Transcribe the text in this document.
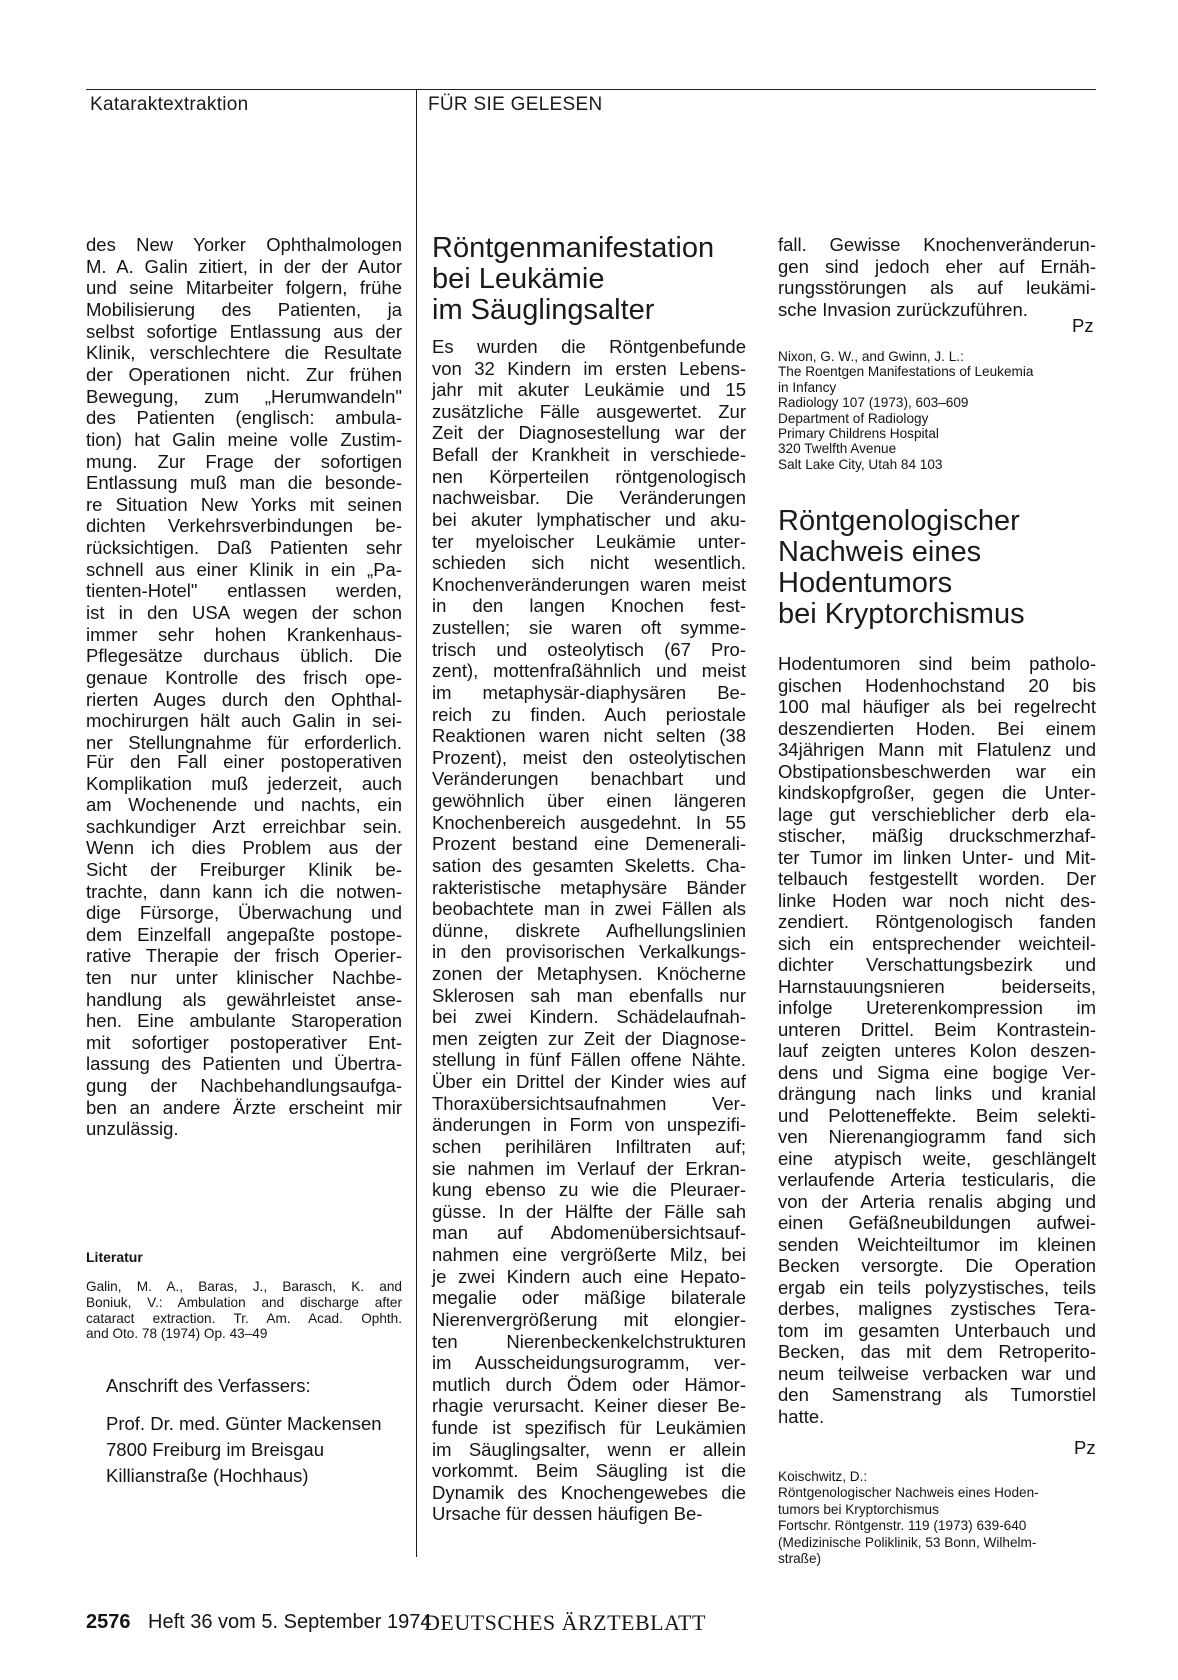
Kataraktextraktion	FÜR SIE GELESEN
des New Yorker Ophthalmologen
M. A. Galin zitiert, in der der Autor
und seine Mitarbeiter folgern, frühe
Mobilisierung des Patienten, ja
selbst sofortige Entlassung aus der
Klinik, verschlechtere die Resultate
der Operationen nicht. Zur frühen
Bewegung, zum „Herumwandeln"
des Patienten (englisch: ambula-
tion) hat Galin meine volle Zustim-
mung. Zur Frage der sofortigen
Entlassung muß man die besonde-
re Situation New Yorks mit seinen
dichten Verkehrsverbindungen be-
rücksichtigen. Daß Patienten sehr
schnell aus einer Klinik in ein „Pa-
tienten-Hotel" entlassen werden,
ist in den USA wegen der schon
immer sehr hohen Krankenhaus-
Pflegesätze durchaus üblich. Die
genaue Kontrolle des frisch ope-
rierten Auges durch den Ophthal-
mochirurgen hält auch Galin in sei-
ner Stellungnahme für erforderlich.
Für den Fall einer postoperativen
Komplikation muß jederzeit, auch
am Wochenende und nachts, ein
sachkundiger Arzt erreichbar sein.
Wenn ich dies Problem aus der
Sicht der Freiburger Klinik be-
trachte, dann kann ich die notwen-
dige Fürsorge, Überwachung und
dem Einzelfall angepaßte postope-
rative Therapie der frisch Operier-
ten nur unter klinischer Nachbe-
handlung als gewährleistet anse-
hen. Eine ambulante Staroperation
mit sofortiger postoperativer Ent-
lassung des Patienten und Übertra-
gung der Nachbehandlungsaufga-
ben an andere Ärzte erscheint mir
unzulässig.
Literatur
Galin, M. A., Baras, J., Barasch, K. and
Boniuk, V.: Ambulation and discharge after
cataract extraction. Tr. Am. Acad. Ophth.
and Oto. 78 (1974) Op. 43–49
Anschrift des Verfassers:
Prof. Dr. med. Günter Mackensen
7800 Freiburg im Breisgau
Killianstraße (Hochhaus)
Röntgenmanifestation
bei Leukämie
im Säuglingsalter
Es wurden die Röntgenbefunde
von 32 Kindern im ersten Lebens-
jahr mit akuter Leukämie und 15
zusätzliche Fälle ausgewertet. Zur
Zeit der Diagnosestellung war der
Befall der Krankheit in verschiede-
nen Körperteilen röntgenologisch
nachweisbar. Die Veränderungen
bei akuter lymphatischer und aku-
ter myeloischer Leukämie unter-
schieden sich nicht wesentlich.
Knochenveränderungen waren meist
in den langen Knochen fest-
zustellen; sie waren oft symme-
trisch und osteolytisch (67 Pro-
zent), mottenfraßähnlich und meist
im metaphysär-diaphysären Be-
reich zu finden. Auch periostale
Reaktionen waren nicht selten (38
Prozent), meist den osteolytischen
Veränderungen benachbart und
gewöhnlich über einen längeren
Knochenbereich ausgedehnt. In 55
Prozent bestand eine Demenerali-
sation des gesamten Skeletts. Cha-
rakteristische metaphysäre Bänder
beobachtete man in zwei Fällen als
dünne, diskrete Aufhellungslinien
in den provisorischen Verkalkungs-
zonen der Metaphysen. Knöcherne
Sklerosen sah man ebenfalls nur
bei zwei Kindern. Schädelaufnah-
men zeigten zur Zeit der Diagnose-
stellung in fünf Fällen offene Nähte.
Über ein Drittel der Kinder wies auf
Thoraxübersichtsaufnahmen Ver-
änderungen in Form von unspezifi-
schen perihilären Infiltraten auf;
sie nahmen im Verlauf der Erkran-
kung ebenso zu wie die Pleuraer-
güsse. In der Hälfte der Fälle sah
man auf Abdomenübersichtsauf-
nahmen eine vergrößerte Milz, bei
je zwei Kindern auch eine Hepato-
megalie oder mäßige bilaterale
Nierenvergrößerung mit elongier-
ten Nierenbeckenkelchstrukturen
im Ausscheidungsurogramm, ver-
mutlich durch Ödem oder Hämor-
rhagie verursacht. Keiner dieser Be-
funde ist spezifisch für Leukämien
im Säuglingsalter, wenn er allein
vorkommt. Beim Säugling ist die
Dynamik des Knochengewebes die
Ursache für dessen häufigen Be-
fall. Gewisse Knochenveränderun-
gen sind jedoch eher auf Ernäh-
rungsstörungen als auf leukämi-
sche Invasion zurückzuführen.
Pz
Nixon, G. W., and Gwinn, J. L.:
The Roentgen Manifestations of Leukemia
in Infancy
Radiology 107 (1973), 603–609
Department of Radiology
Primary Childrens Hospital
320 Twelfth Avenue
Salt Lake City, Utah 84 103
Röntgenologischer
Nachweis eines
Hodentumors
bei Kryptorchismus
Hodentumoren sind beim patholo-
gischen Hodenhochstand 20 bis
100 mal häufiger als bei regelrecht
deszendierten Hoden. Bei einem
34jährigen Mann mit Flatulenz und
Obstipationsbeschwerden war ein
kindskopfgroßer, gegen die Unter-
lage gut verschieblicher derb ela-
stischer, mäßig druckschmerzhaf-
ter Tumor im linken Unter- und Mit-
telbauch festgestellt worden. Der
linke Hoden war noch nicht des-
zendiert. Röntgenologisch fanden
sich ein entsprechender weichteil-
dichter Verschattungsbezirk und
Harnstauungsnieren beiderseits,
infolge Ureterenkompression im
unteren Drittel. Beim Kontrastein-
lauf zeigten unteres Kolon deszen-
dens und Sigma eine bogige Ver-
drängung nach links und kranial
und Pelotteneffekte. Beim selekti-
ven Nierenangiogramm fand sich
eine atypisch weite, geschlängelt
verlaufende Arteria testicularis, die
von der Arteria renalis abging und
einen Gefäßneubildungen aufwei-
senden Weichteiltumor im kleinen
Becken versorgte. Die Operation
ergab ein teils polyzystisches, teils
derbes, malignes zystisches Tera-
tom im gesamten Unterbauch und
Becken, das mit dem Retroperito-
neum teilweise verbacken war und
den Samenstrang als Tumorstiel
hatte.
Pz
Koischwitz, D.:
Röntgenologischer Nachweis eines Hoden-
tumors bei Kryptorchismus
Fortschr. Röntgenstr. 119 (1973) 639-640
(Medizinische Poliklinik, 53 Bonn, Wilhelm-
straße)
2576 Heft 36 vom 5. September 1974
DEUTSCHES ÄRZTEBLATT
